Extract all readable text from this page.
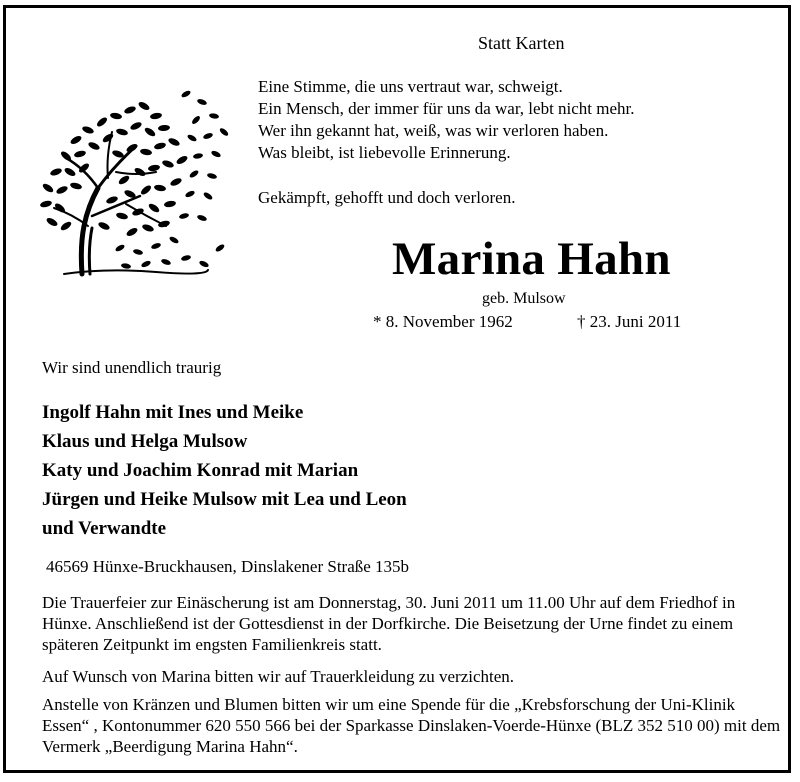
Statt Karten
Eine Stimme, die uns vertraut war, schweigt.
Ein Mensch, der immer für uns da war, lebt nicht mehr.
Wer ihn gekannt hat, weiß, was wir verloren haben.
Was bleibt, ist liebevolle Erinnerung.
Gekämpft, gehofft und doch verloren.
Marina Hahn
geb. Mulsow
* 8. November 1962	† 23. Juni 2011
Wir sind unendlich traurig
Ingolf Hahn mit Ines und Meike
Klaus und Helga Mulsow
Katy und Joachim Konrad mit Marian
Jürgen und Heike Mulsow mit Lea und Leon
und Verwandte
46569 Hünxe-Bruckhausen, Dinslakener Straße 135b
Die Trauerfeier zur Einäscherung ist am Donnerstag, 30. Juni 2011 um 11.00 Uhr auf dem Friedhof in Hünxe. Anschließend ist der Gottesdienst in der Dorfkirche. Die Beisetzung der Urne findet zu einem späteren Zeitpunkt im engsten Familienkreis statt.
Auf Wunsch von Marina bitten wir auf Trauerkleidung zu verzichten.
Anstelle von Kränzen und Blumen bitten wir um eine Spende für die „Krebsforschung der Uni-Klinik Essen“ , Kontonummer 620 550 566 bei der Sparkasse Dinslaken-Voerde-Hünxe (BLZ 352 510 00) mit dem Vermerk „Beerdigung Marina Hahn“.
